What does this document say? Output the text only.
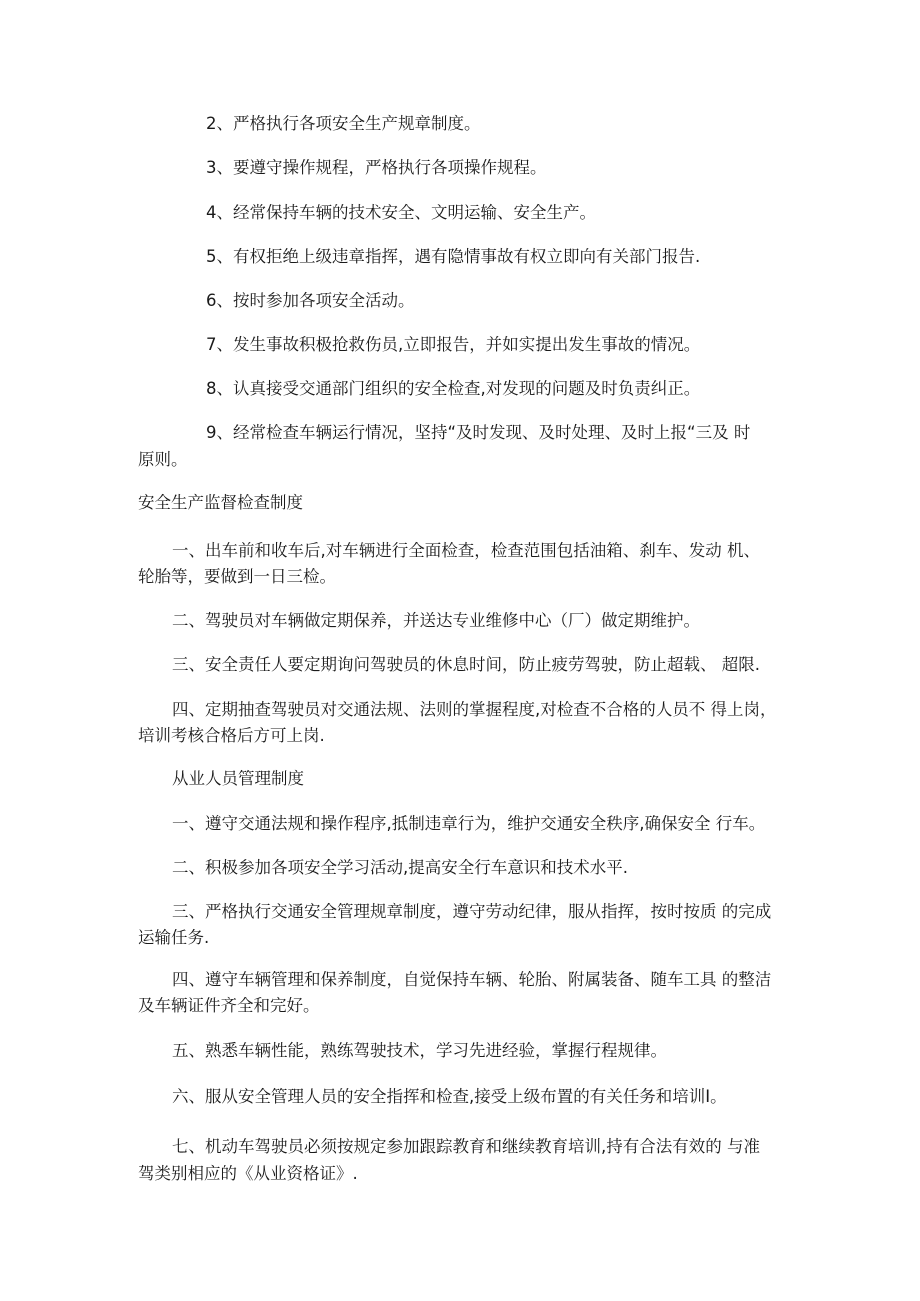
2、严格执行各项安全生产规章制度。

3、要遵守操作规程，严格执行各项操作规程。

4、经常保持车辆的技术安全、文明运输、安全生产。

5、有权拒绝上级违章指挥，遇有隐情事故有权立即向有关部门报告.

6、按时参加各项安全活动。

7、发生事故积极抢救伤员,立即报告，并如实提出发生事故的情况。

8、认真接受交通部门组织的安全检查,对发现的问题及时负责纠正。

9、经常检查车辆运行情况，坚持“及时发现、及时处理、及时上报“三及 时

原则。

安全生产监督检查制度

一、出车前和收车后,对车辆进行全面检查，检查范围包括油箱、刹车、发动 机、

轮胎等，要做到一日三检。

二、驾驶员对车辆做定期保养，并送达专业维修中心（厂）做定期维护。

三、安全责任人要定期询问驾驶员的休息时间，防止疲劳驾驶，防止超载、 超限.

四、定期抽查驾驶员对交通法规、法则的掌握程度,对检查不合格的人员不 得上岗，

培训考核合格后方可上岗.

从业人员管理制度

一、遵守交通法规和操作程序,抵制违章行为，维护交通安全秩序,确保安全 行车。

二、积极参加各项安全学习活动,提高安全行车意识和技术水平.

三、严格执行交通安全管理规章制度，遵守劳动纪律，服从指挥，按时按质 的完成

运输任务.

四、遵守车辆管理和保养制度，自觉保持车辆、轮胎、附属装备、随车工具 的整洁

及车辆证件齐全和完好。

五、熟悉车辆性能，熟练驾驶技术，学习先进经验，掌握行程规律。

六、服从安全管理人员的安全指挥和检查,接受上级布置的有关任务和培训I。

七、机动车驾驶员必须按规定参加跟踪教育和继续教育培训,持有合法有效的 与准

驾类别相应的《从业资格证》.
